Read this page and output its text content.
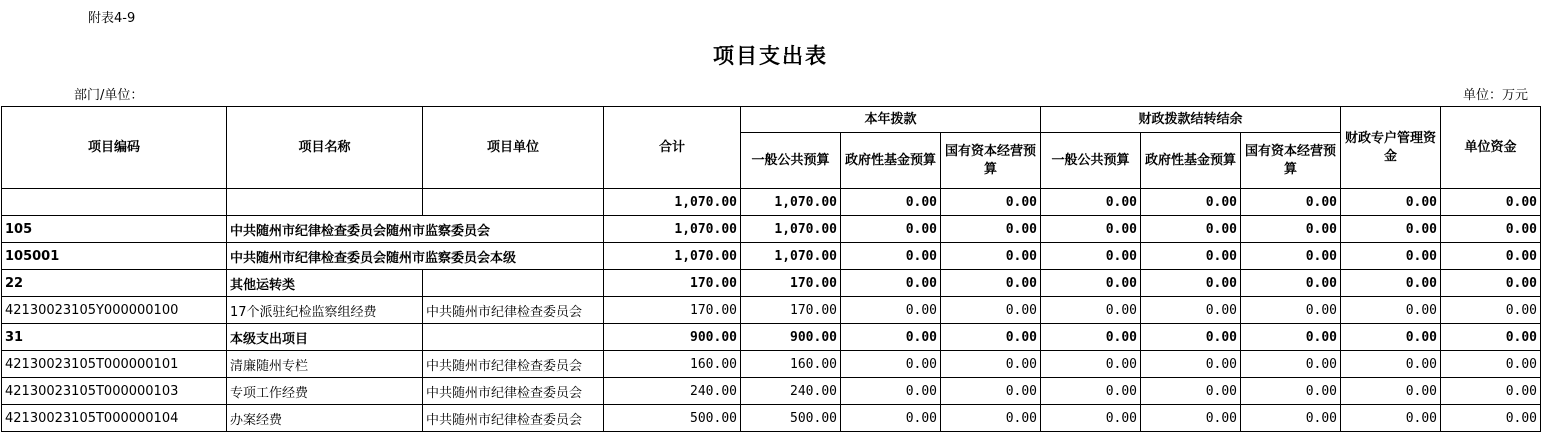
附表4-9
项目支出表
部门/单位：	单位：万元
项目编码	项目名称	项目单位	合计	本年拨款			财政拨款结转结余			财政专户管理资金	单位资金
				一般公共预算	政府性基金预算	国有资本经营预算	一般公共预算	政府性基金预算	国有资本经营预算		
			1,070.00	1,070.00	0.00	0.00	0.00	0.00	0.00	0.00	0.00
105	中共随州市纪律检查委员会随州市监察委员会		1,070.00	1,070.00	0.00	0.00	0.00	0.00	0.00	0.00	0.00
105001	中共随州市纪律检查委员会随州市监察委员会本级		1,070.00	1,070.00	0.00	0.00	0.00	0.00	0.00	0.00	0.00
22	其他运转类		170.00	170.00	0.00	0.00	0.00	0.00	0.00	0.00	0.00
42130023105Y000000100	17个派驻纪检监察组经费	中共随州市纪律检查委员会	170.00	170.00	0.00	0.00	0.00	0.00	0.00	0.00	0.00
31	本级支出项目		900.00	900.00	0.00	0.00	0.00	0.00	0.00	0.00	0.00
42130023105T000000101	清廉随州专栏	中共随州市纪律检查委员会	160.00	160.00	0.00	0.00	0.00	0.00	0.00	0.00	0.00
42130023105T000000103	专项工作经费	中共随州市纪律检查委员会	240.00	240.00	0.00	0.00	0.00	0.00	0.00	0.00	0.00
42130023105T000000104	办案经费	中共随州市纪律检查委员会	500.00	500.00	0.00	0.00	0.00	0.00	0.00	0.00	0.00
